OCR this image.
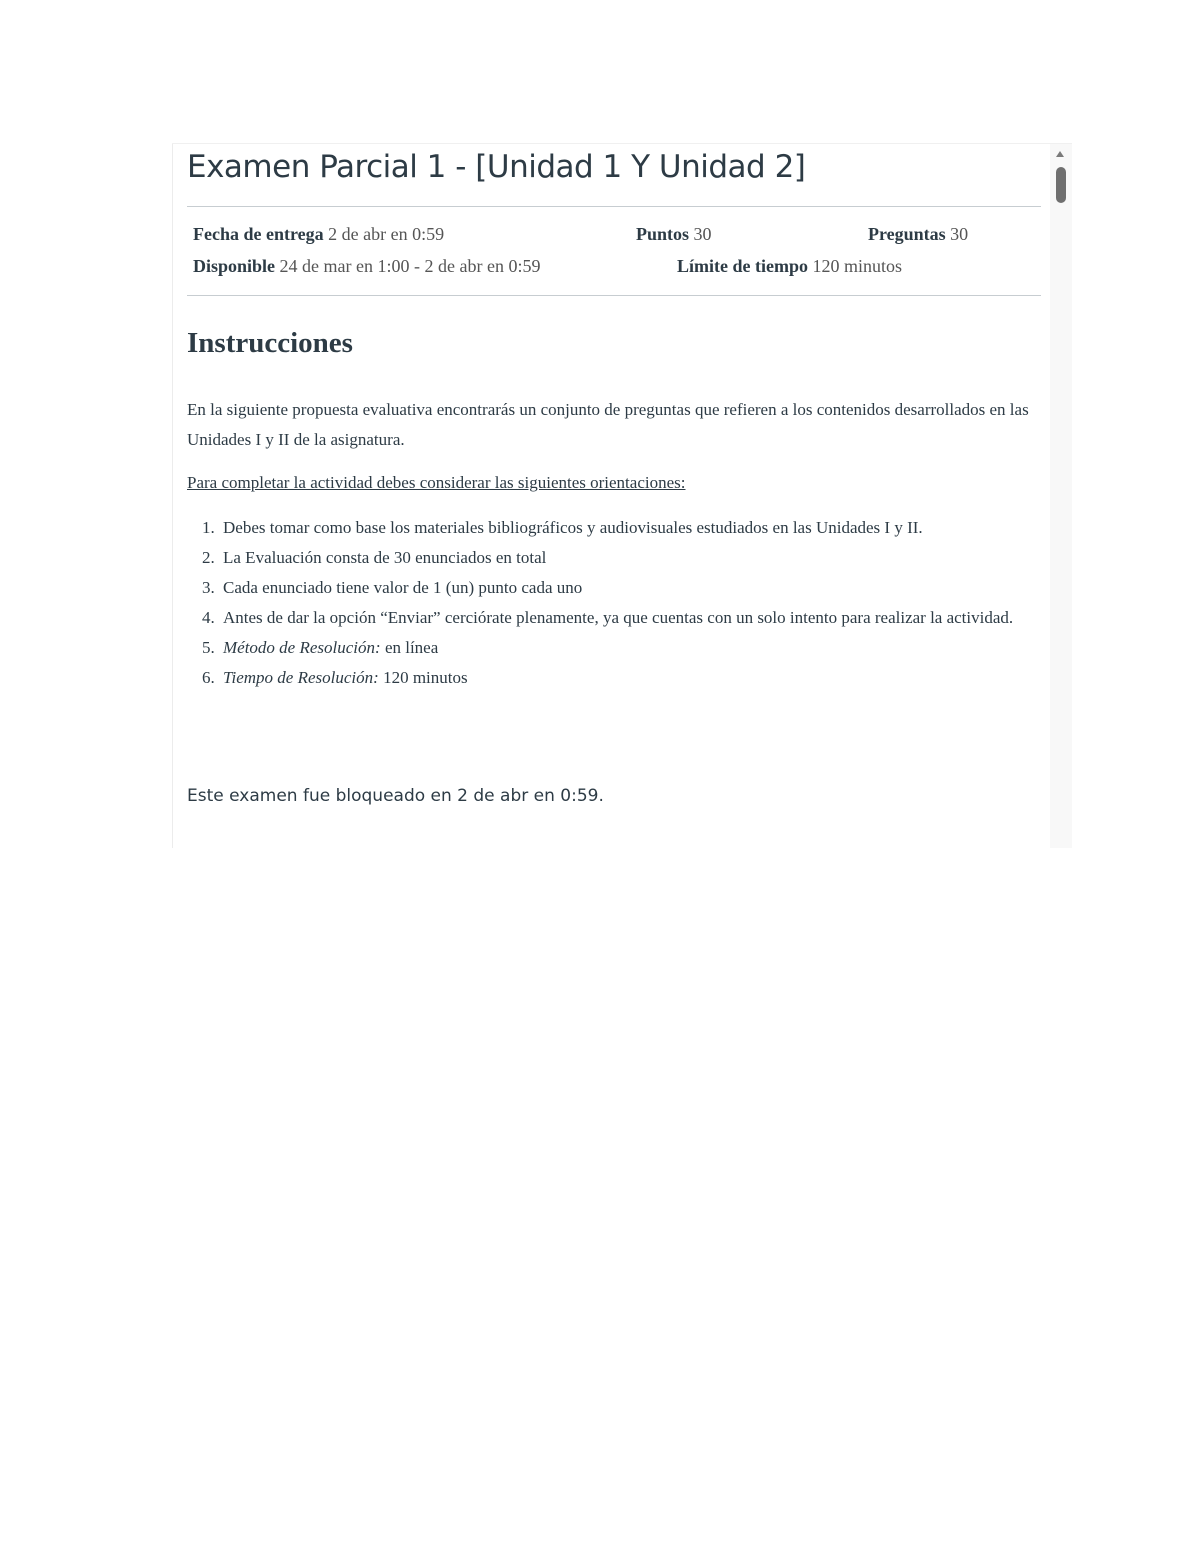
Examen Parcial 1 - [Unidad 1 Y Unidad 2]
Fecha de entrega 2 de abr en 0:59	Puntos 30	Preguntas 30
Disponible 24 de mar en 1:00 - 2 de abr en 0:59	Límite de tiempo 120 minutos
Instrucciones

En la siguiente propuesta evaluativa encontrarás un conjunto de preguntas que refieren a los contenidos desarrollados en las Unidades I y II de la asignatura.

Para completar la actividad debes considerar las siguientes orientaciones:

1. Debes tomar como base los materiales bibliográficos y audiovisuales estudiados en las Unidades I y II.
2. La Evaluación consta de 30 enunciados en total
3. Cada enunciado tiene valor de 1 (un) punto cada uno
4. Antes de dar la opción “Enviar” cerciórate plenamente, ya que cuentas con un solo intento para realizar la actividad.
5. Método de Resolución: en línea
6. Tiempo de Resolución: 120 minutos

Este examen fue bloqueado en 2 de abr en 0:59.
